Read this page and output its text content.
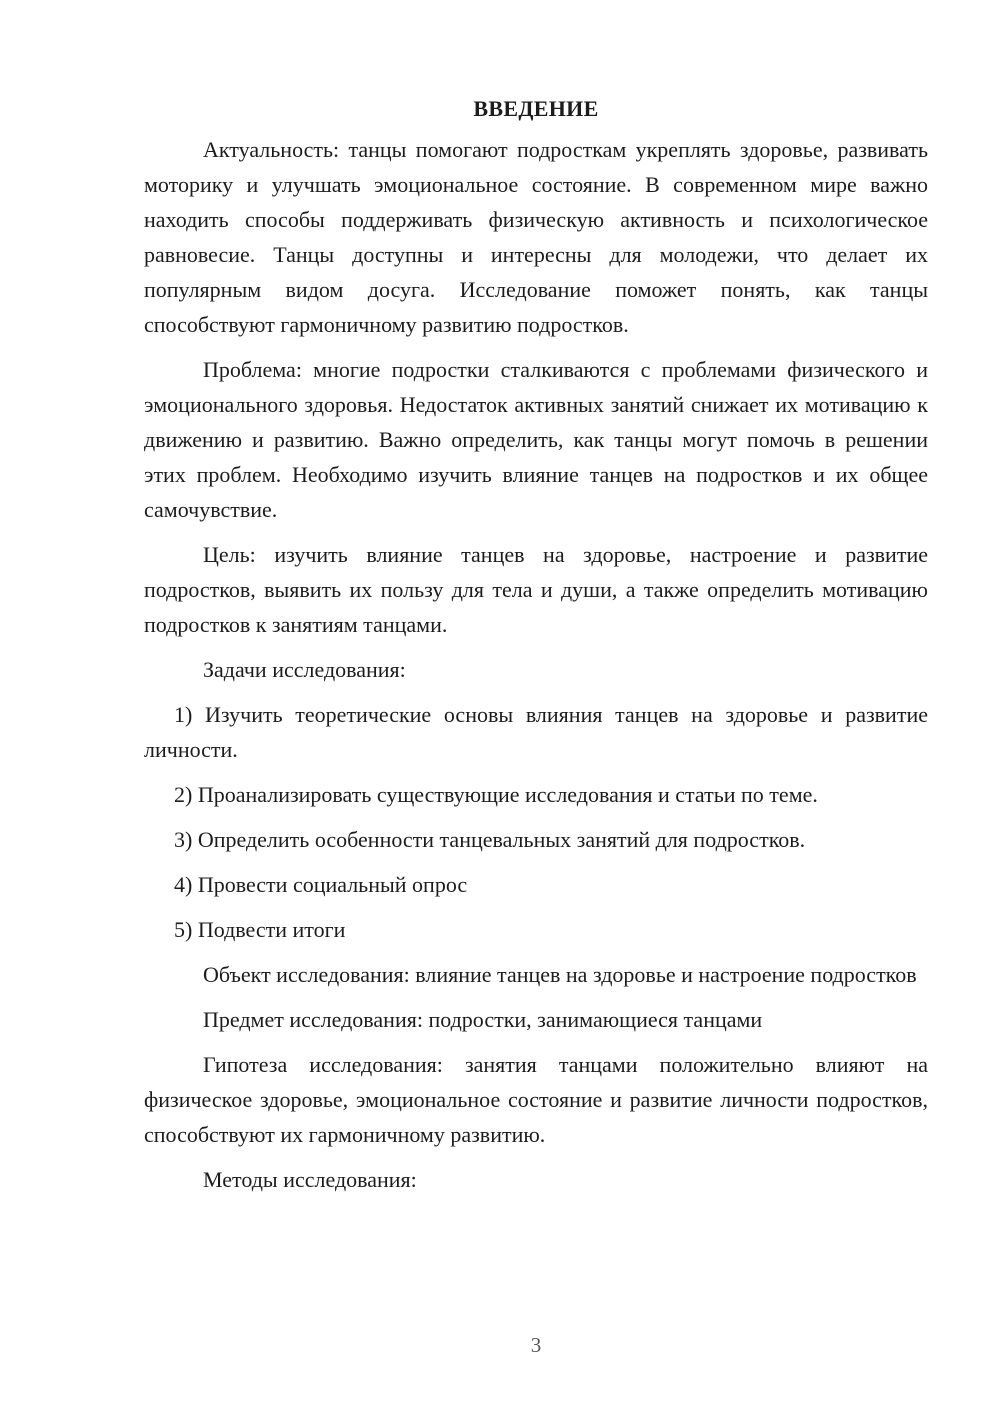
ВВЕДЕНИЕ

Актуальность: танцы помогают подросткам укреплять здоровье, развивать моторику и улучшать эмоциональное состояние. В современном мире важно находить способы поддерживать физическую активность и психологическое равновесие. Танцы доступны и интересны для молодежи, что делает их популярным видом досуга. Исследование поможет понять, как танцы способствуют гармоничному развитию подростков.

Проблема: многие подростки сталкиваются с проблемами физического и эмоционального здоровья. Недостаток активных занятий снижает их мотивацию к движению и развитию. Важно определить, как танцы могут помочь в решении этих проблем. Необходимо изучить влияние танцев на подростков и их общее самочувствие.

Цель: изучить влияние танцев на здоровье, настроение и развитие подростков, выявить их пользу для тела и души, а также определить мотивацию подростков к занятиям танцами.

Задачи исследования:

1) Изучить теоретические основы влияния танцев на здоровье и развитие личности.

2) Проанализировать существующие исследования и статьи по теме.

3) Определить особенности танцевальных занятий для подростков.

4) Провести социальный опрос

5) Подвести итоги

Объект исследования: влияние танцев на здоровье и настроение подростков

Предмет исследования: подростки, занимающиеся танцами

Гипотеза исследования: занятия танцами положительно влияют на физическое здоровье, эмоциональное состояние и развитие личности подростков, способствуют их гармоничному развитию.

Методы исследования:

3
